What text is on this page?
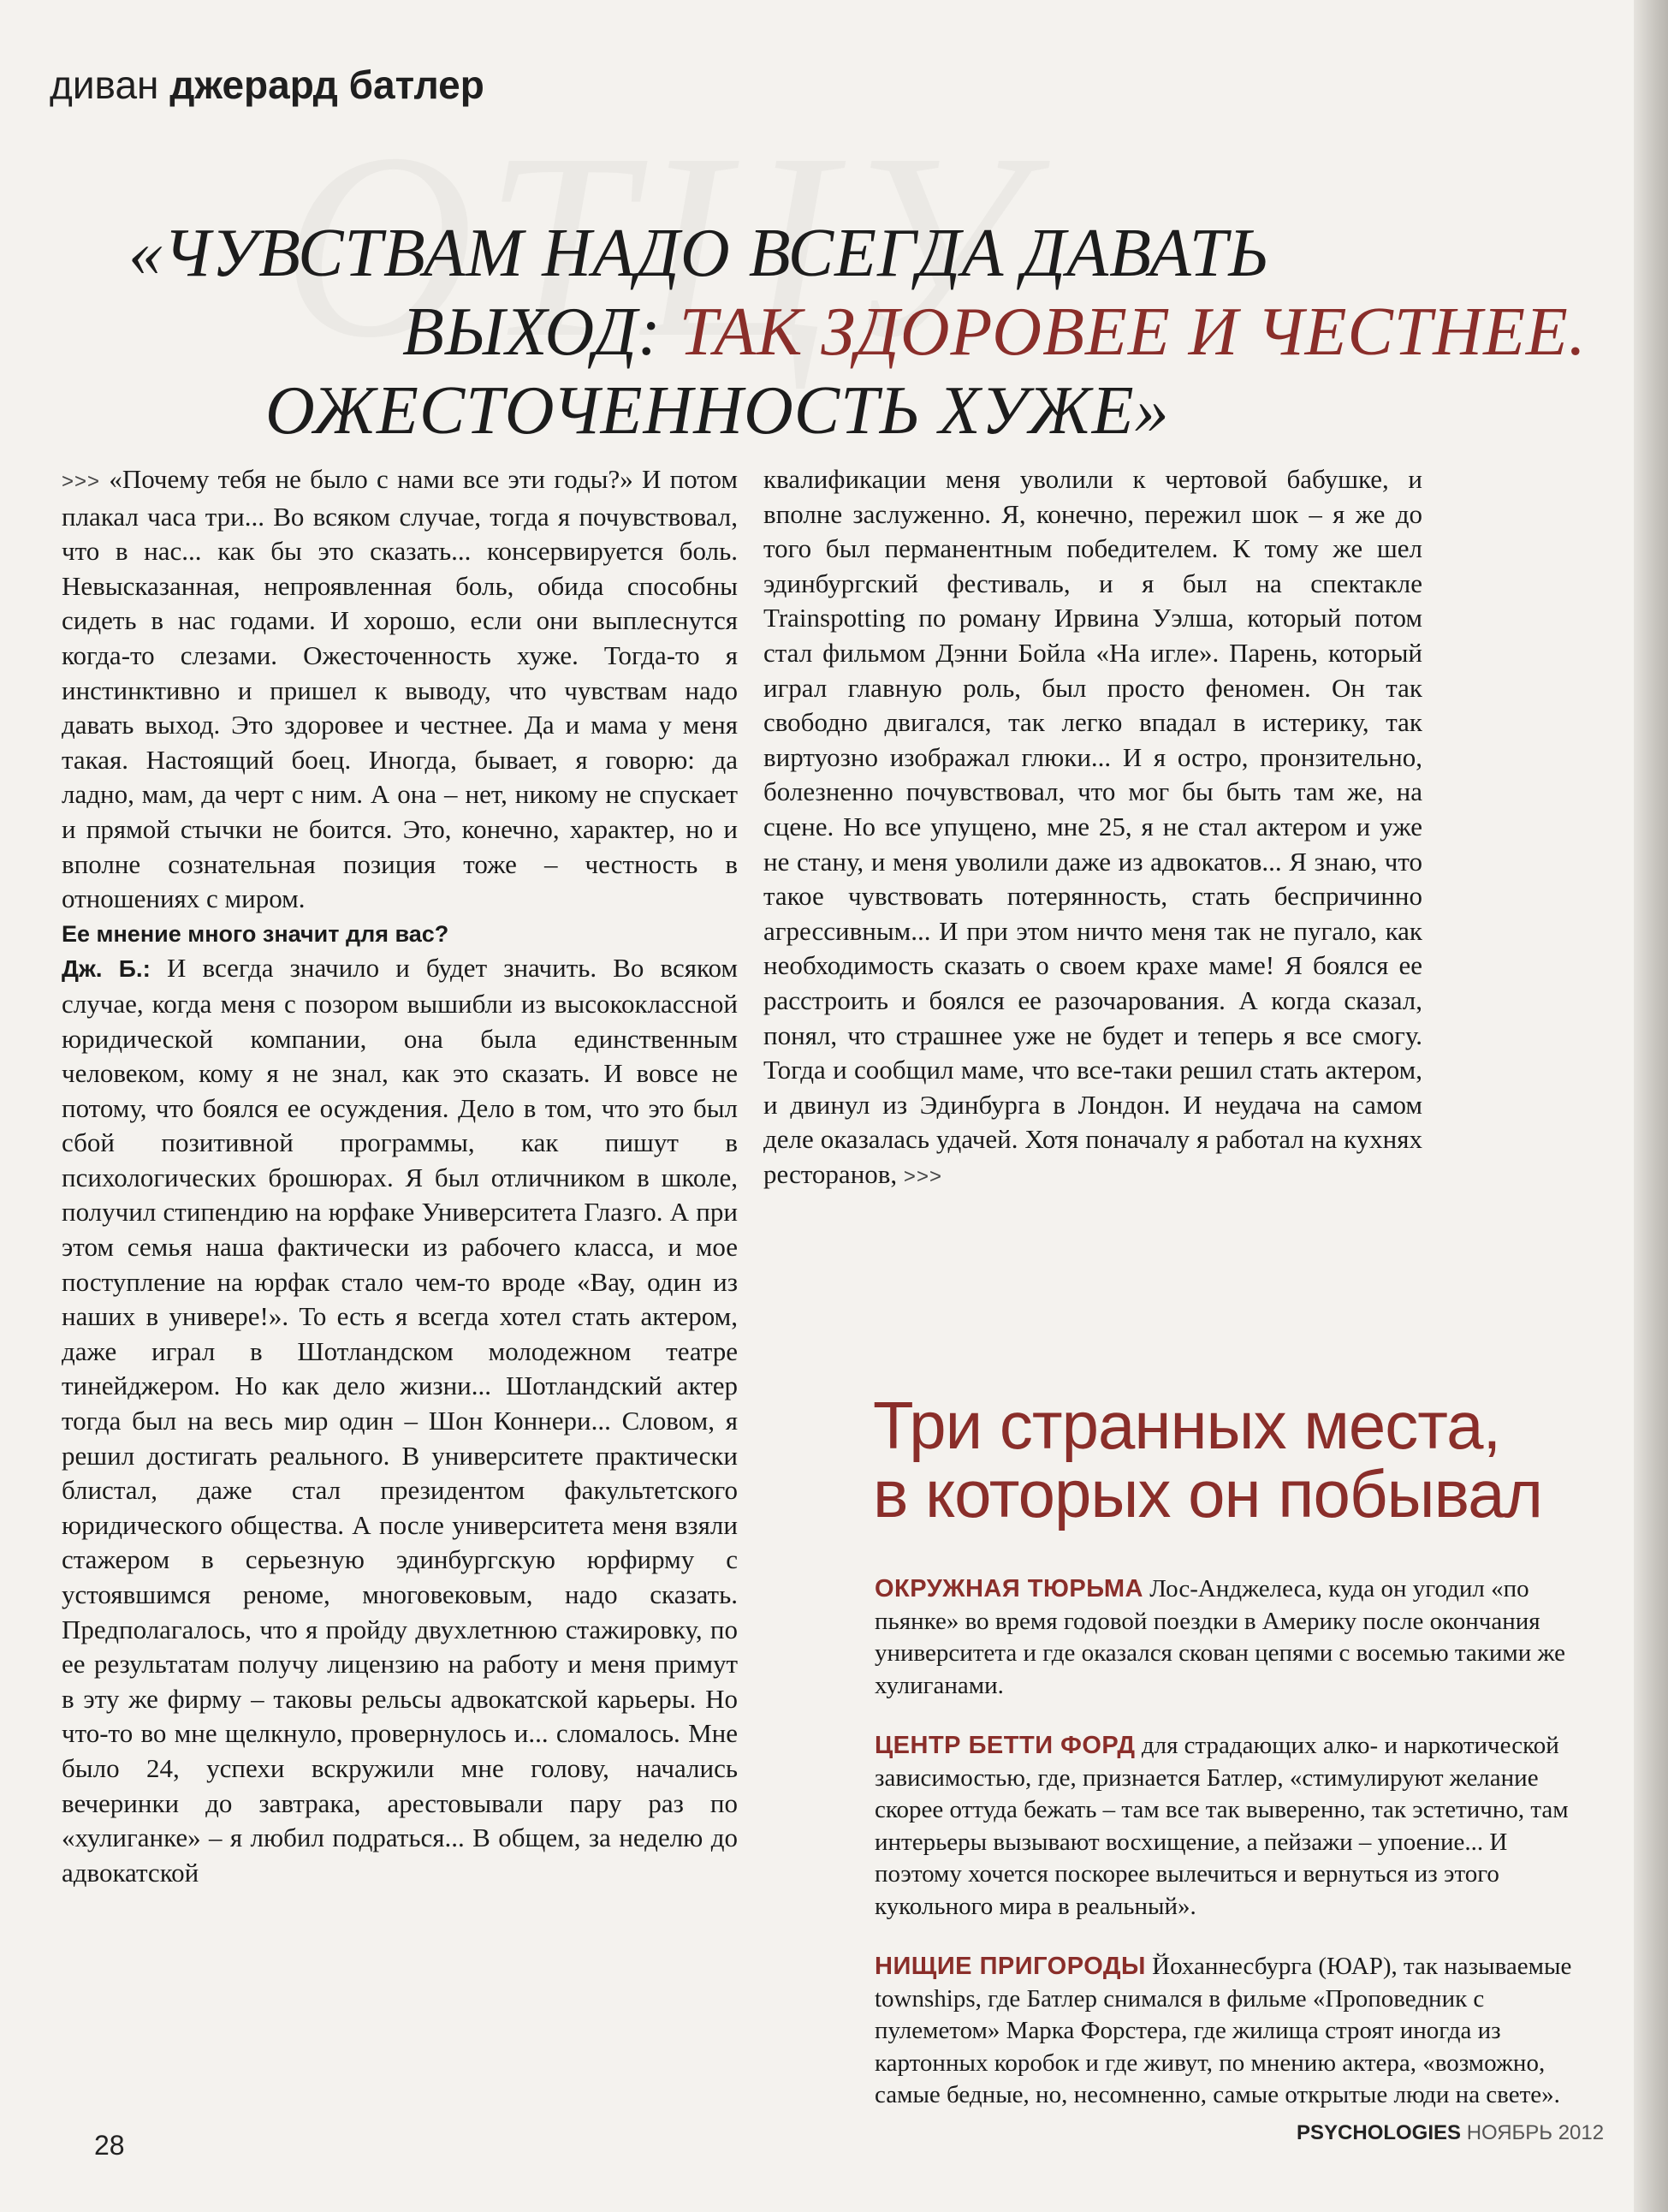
диван джерард батлер
«ЧУВСТВАМ НАДО ВСЕГДА ДАВАТЬ
ВЫХОД: ТАК ЗДОРОВЕЕ И ЧЕСТНЕЕ.
ОЖЕСТОЧЕННОСТЬ ХУЖЕ»

>>> «Почему тебя не было с нами все эти годы?» И потом плакал часа три... Во всяком случае, тогда я почувствовал, что в нас... как бы это сказать... консервируется боль. Невысказанная, непроявленная боль, обида способны сидеть в нас годами. И хорошо, если они выплеснутся когда-то слезами. Ожесточенность хуже. Тогда-то я инстинктивно и пришел к выводу, что чувствам надо давать выход. Это здоровее и честнее. Да и мама у меня такая. Настоящий боец. Иногда, бывает, я говорю: да ладно, мам, да черт с ним. А она – нет, никому не спускает и прямой стычки не боится. Это, конечно, характер, но и вполне сознательная позиция тоже – честность в отношениях с миром.

Ее мнение много значит для вас?

Дж. Б.: И всегда значило и будет значить. Во всяком случае, когда меня с позором вышибли из высококлассной юридической компании, она была единственным человеком, кому я не знал, как это сказать. И вовсе не потому, что боялся ее осуждения. Дело в том, что это был сбой позитивной программы, как пишут в психологических брошюрах. Я был отличником в школе, получил стипендию на юрфаке Университета Глазго. А при этом семья наша фактически из рабочего класса, и мое поступление на юрфак стало чем-то вроде «Вау, один из наших в универе!». То есть я всегда хотел стать актером, даже играл в Шотландском молодежном театре тинейджером. Но как дело жизни... Шотландский актер тогда был на весь мир один – Шон Коннери... Словом, я решил достигать реального. В университете практически блистал, даже стал президентом факультетского юридического общества. А после университета меня взяли стажером в серьезную эдинбургскую юрфирму с устоявшимся реноме, многовековым, надо сказать. Предполагалось, что я пройду двухлетнюю стажировку, по ее результатам получу лицензию на работу и меня примут в эту же фирму – таковы рельсы адвокатской карьеры. Но что-то во мне щелкнуло, провернулось и... сломалось. Мне было 24, успехи вскружили мне голову, начались вечеринки до завтрака, арестовывали пару раз по «хулиганке» – я любил подраться... В общем, за неделю до адвокатской

квалификации меня уволили к чертовой бабушке, и вполне заслуженно. Я, конечно, пережил шок – я же до того был перманентным победителем. К тому же шел эдинбургский фестиваль, и я был на спектакле Trainspotting по роману Ирвина Уэлша, который потом стал фильмом Дэнни Бойла «На игле». Парень, который играл главную роль, был просто феномен. Он так свободно двигался, так легко впадал в истерику, так виртуозно изображал глюки... И я остро, пронзительно, болезненно почувствовал, что мог бы быть там же, на сцене. Но все упущено, мне 25, я не стал актером и уже не стану, и меня уволили даже из адвокатов... Я знаю, что такое чувствовать потерянность, стать беспричинно агрессивным... И при этом ничто меня так не пугало, как необходимость сказать о своем крахе маме! Я боялся ее расстроить и боялся ее разочарования. А когда сказал, понял, что страшнее уже не будет и теперь я все смогу. Тогда и сообщил маме, что все-таки решил стать актером, и двинул из Эдинбурга в Лондон. И неудача на самом деле оказалась удачей. Хотя поначалу я работал на кухнях ресторанов, >>>

Три странных места,
в которых он побывал
ОКРУЖНАЯ ТЮРЬМА Лос-Анджелеса, куда он угодил «по пьянке» во время годовой поездки в Америку после окончания университета и где оказался скован цепями с восемью такими же хулиганами.
ЦЕНТР БЕТТИ ФОРД для страдающих алко- и наркотической зависимостью, где, признается Батлер, «стимулируют желание скорее оттуда бежать – там все так выверенно, так эстетично, там интерьеры вызывают восхищение, а пейзажи – упоение... И поэтому хочется поскорее вылечиться и вернуться из этого кукольного мира в реальный».
НИЩИЕ ПРИГОРОДЫ Йоханнесбурга (ЮАР), так называемые townships, где Батлер снимался в фильме «Проповедник с пулеметом» Марка Форстера, где жилища строят иногда из картонных коробок и где живут, по мнению актера, «возможно, самые бедные, но, несомненно, самые открытые люди на свете».
28	PSYCHOLOGIES НОЯБРЬ 2012
